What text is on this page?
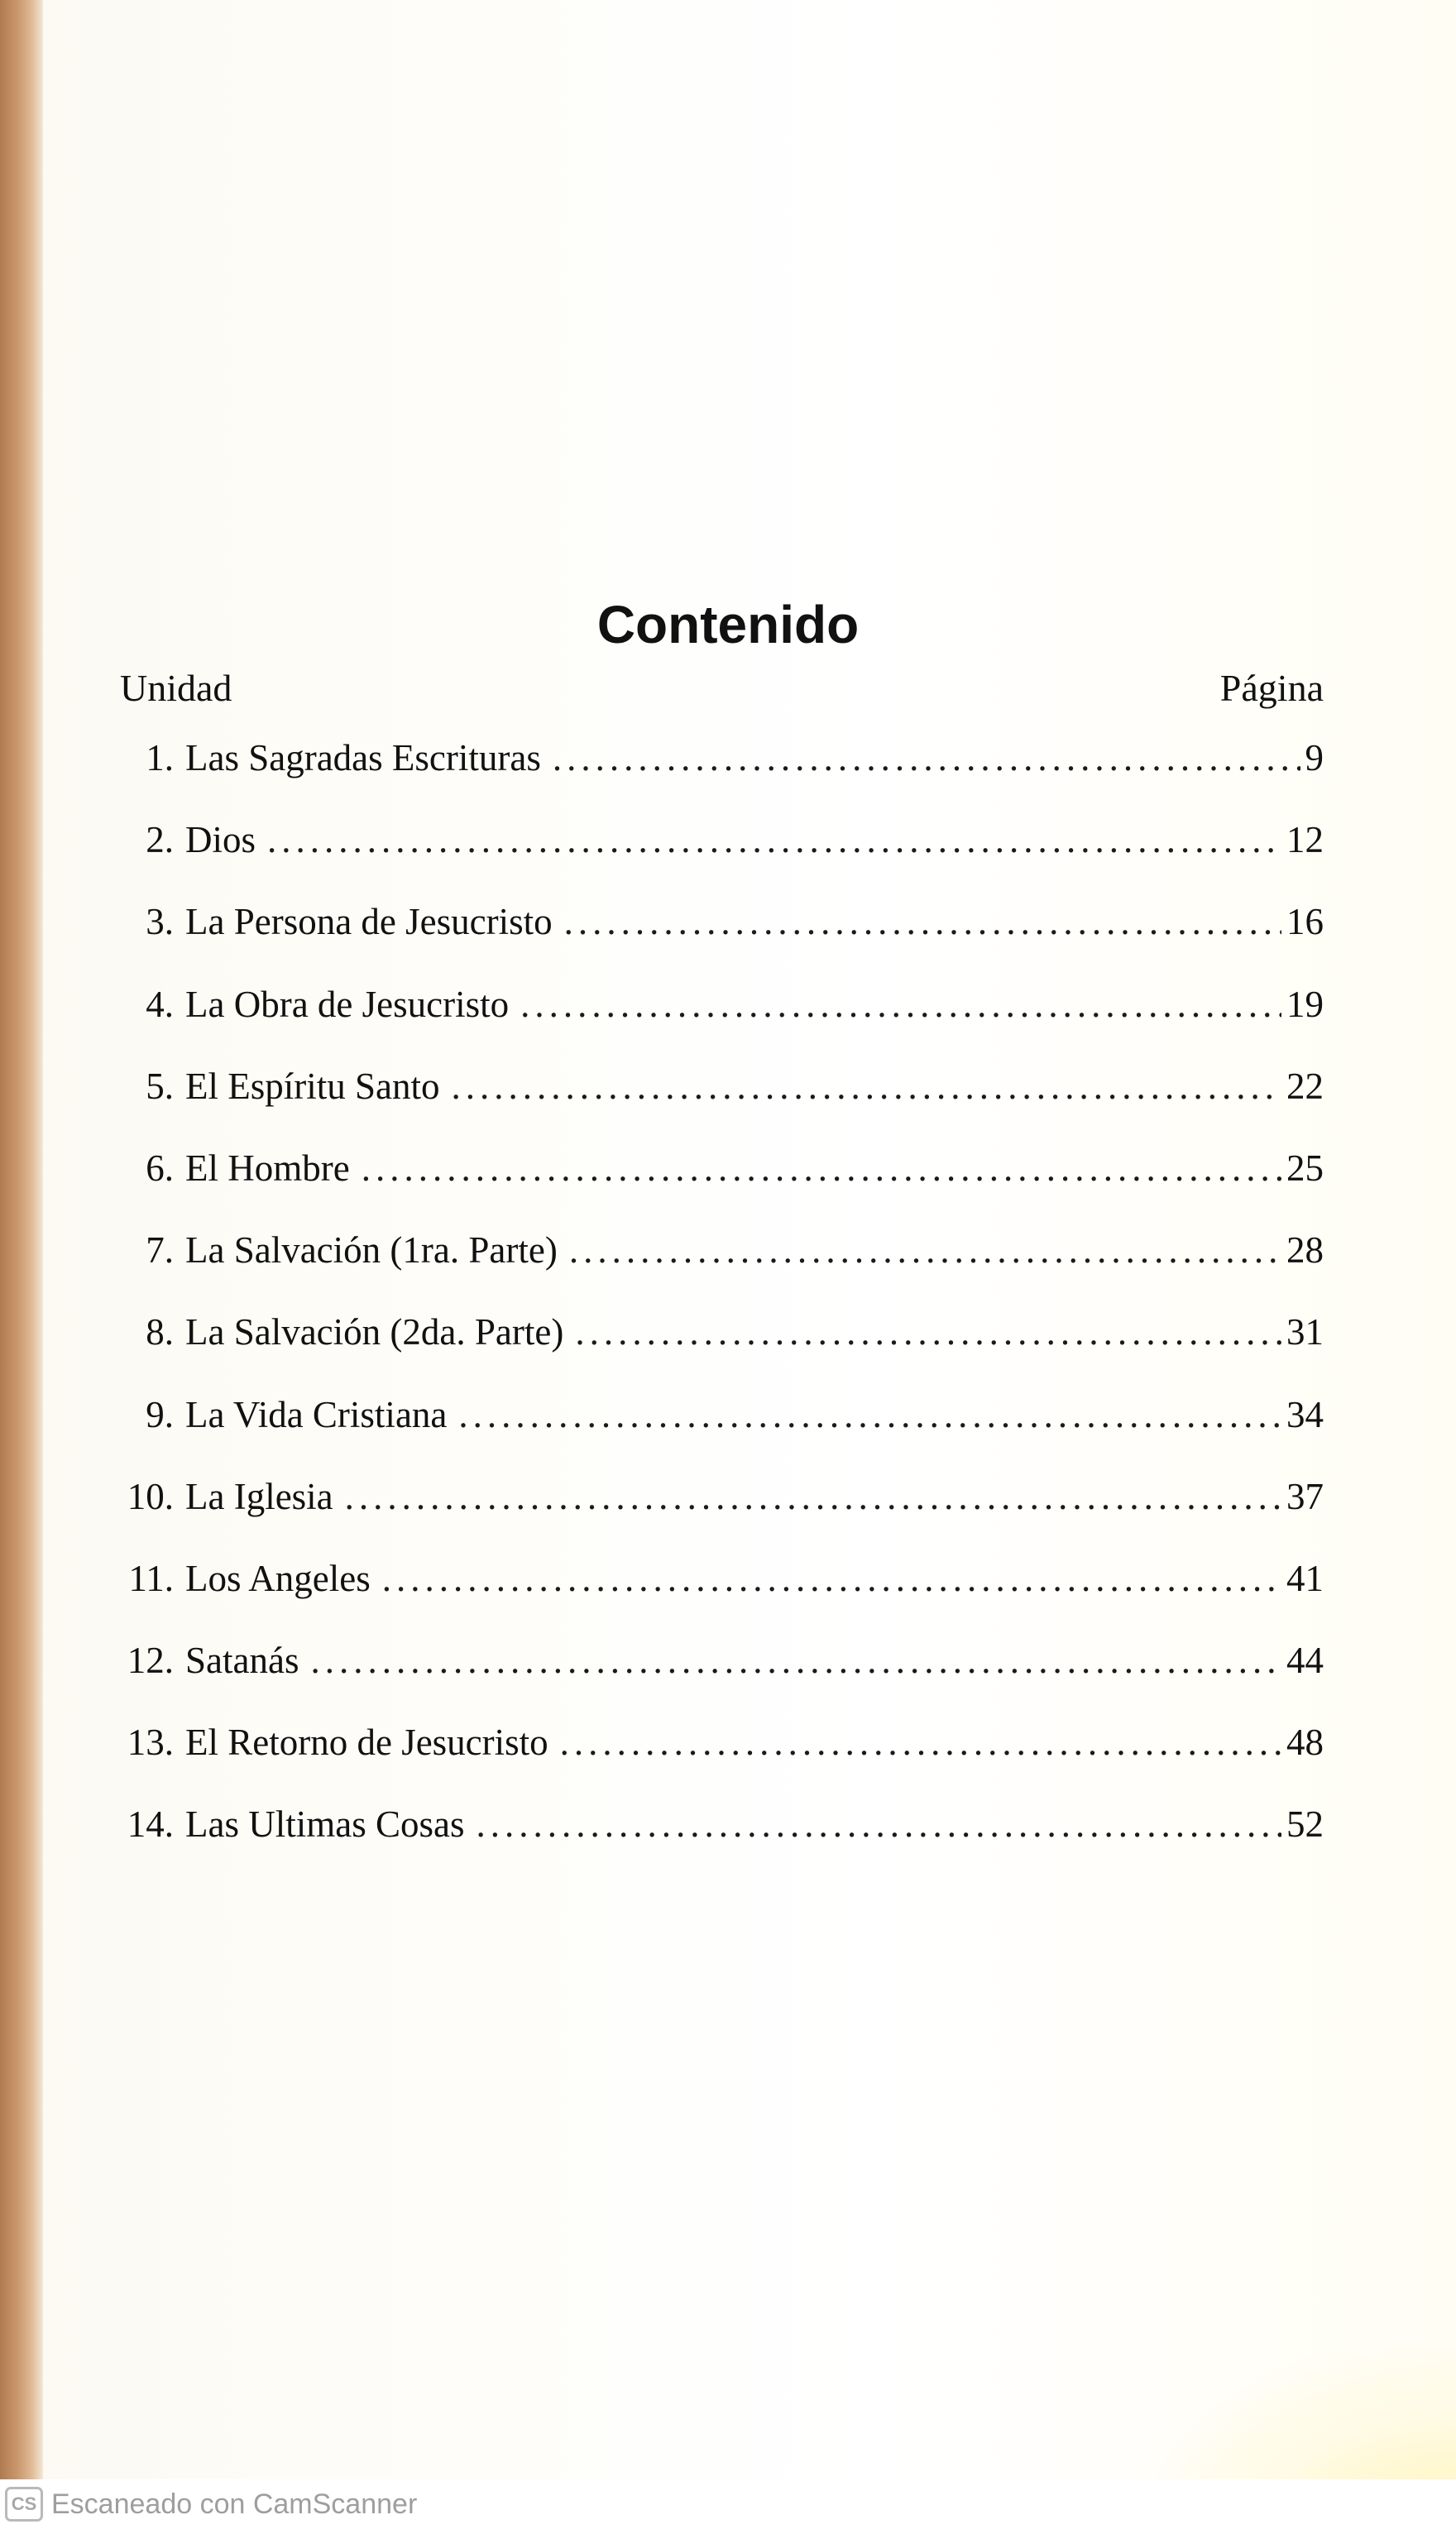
Contenido
Unidad	Página
1. Las Sagradas Escrituras .....	9
2. Dios .....	12
3. La Persona de Jesucristo .....	16
4. La Obra de Jesucristo .....	19
5. El Espíritu Santo .....	22
6. El Hombre .....	25
7. La Salvación (1ra. Parte) .....	28
8. La Salvación (2da. Parte) .....	31
9. La Vida Cristiana .....	34
10. La Iglesia .....	37
11. Los Angeles .....	41
12. Satanás .....	44
13. El Retorno de Jesucristo .....	48
14. Las Ultimas Cosas .....	52
CS Escaneado con CamScanner
